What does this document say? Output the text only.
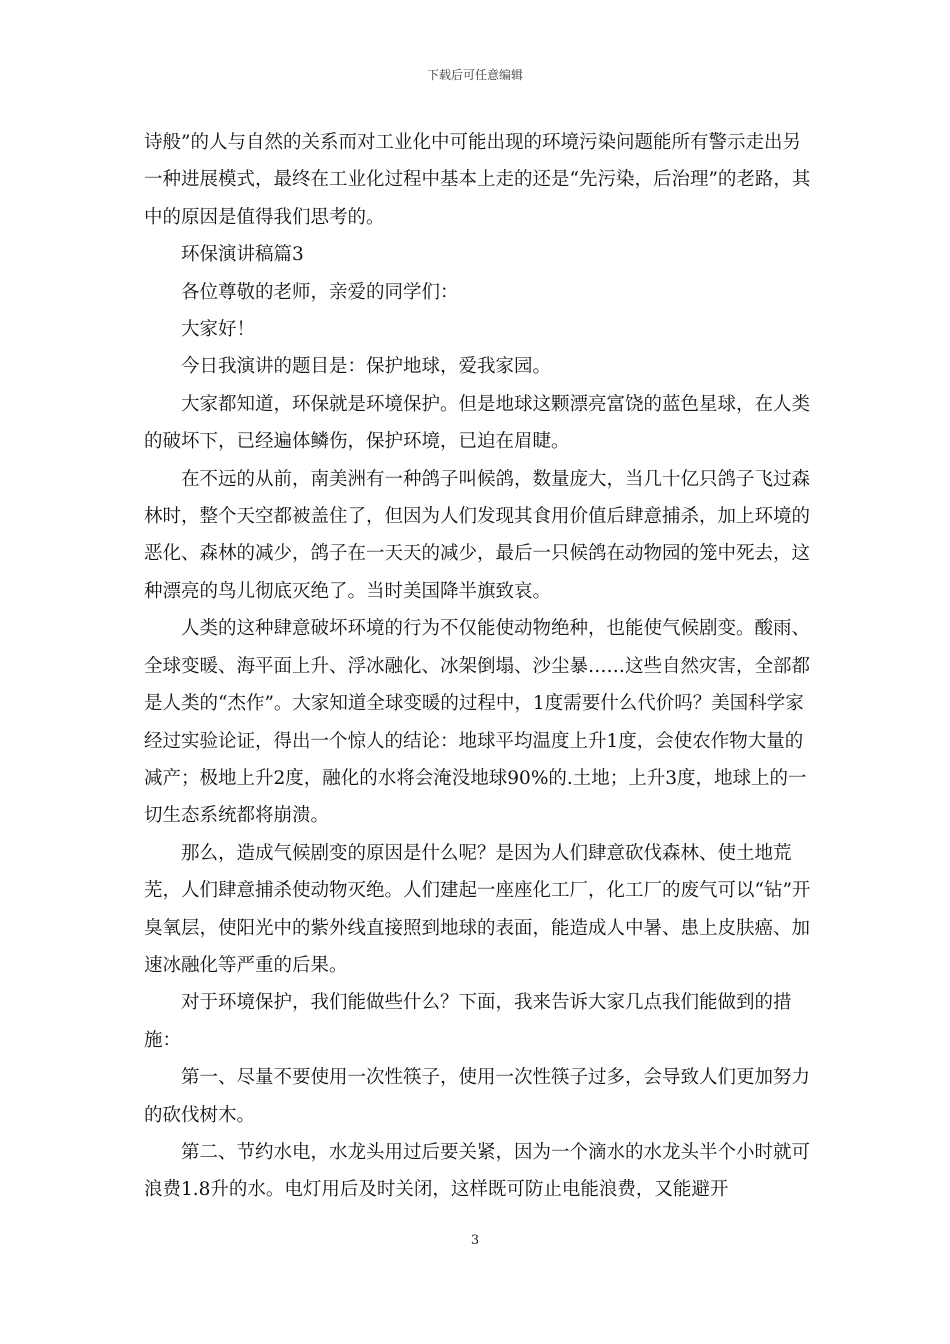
下载后可任意编辑

诗般”的人与自然的关系而对工业化中可能出现的环境污染问题能所有警示走出另一种进展模式，最终在工业化过程中基本上走的还是“先污染，后治理”的老路，其中的原因是值得我们思考的。

环保演讲稿篇3

各位尊敬的老师，亲爱的同学们：

大家好！

今日我演讲的题目是：保护地球，爱我家园。

大家都知道，环保就是环境保护。但是地球这颗漂亮富饶的蓝色星球，在人类的破坏下，已经遍体鳞伤，保护环境，已迫在眉睫。

在不远的从前，南美洲有一种鸽子叫候鸽，数量庞大，当几十亿只鸽子飞过森林时，整个天空都被盖住了，但因为人们发现其食用价值后肆意捕杀，加上环境的恶化、森林的减少，鸽子在一天天的减少，最后一只候鸽在动物园的笼中死去，这种漂亮的鸟儿彻底灭绝了。当时美国降半旗致哀。

人类的这种肆意破坏环境的行为不仅能使动物绝种，也能使气候剧变。酸雨、全球变暖、海平面上升、浮冰融化、冰架倒塌、沙尘暴……这些自然灾害，全部都是人类的“杰作”。大家知道全球变暖的过程中，1度需要什么代价吗？美国科学家经过实验论证，得出一个惊人的结论：地球平均温度上升1度，会使农作物大量的减产；极地上升2度，融化的水将会淹没地球90%的.土地；上升3度，地球上的一切生态系统都将崩溃。

那么，造成气候剧变的原因是什么呢？是因为人们肆意砍伐森林、使土地荒芜，人们肆意捕杀使动物灭绝。人们建起一座座化工厂，化工厂的废气可以“钻”开臭氧层，使阳光中的紫外线直接照到地球的表面，能造成人中暑、患上皮肤癌、加速冰融化等严重的后果。

对于环境保护，我们能做些什么？下面，我来告诉大家几点我们能做到的措施：

第一、尽量不要使用一次性筷子，使用一次性筷子过多，会导致人们更加努力的砍伐树木。

第二、节约水电，水龙头用过后要关紧，因为一个滴水的水龙头半个小时就可浪费1.8升的水。电灯用后及时关闭，这样既可防止电能浪费，又能避开

3
